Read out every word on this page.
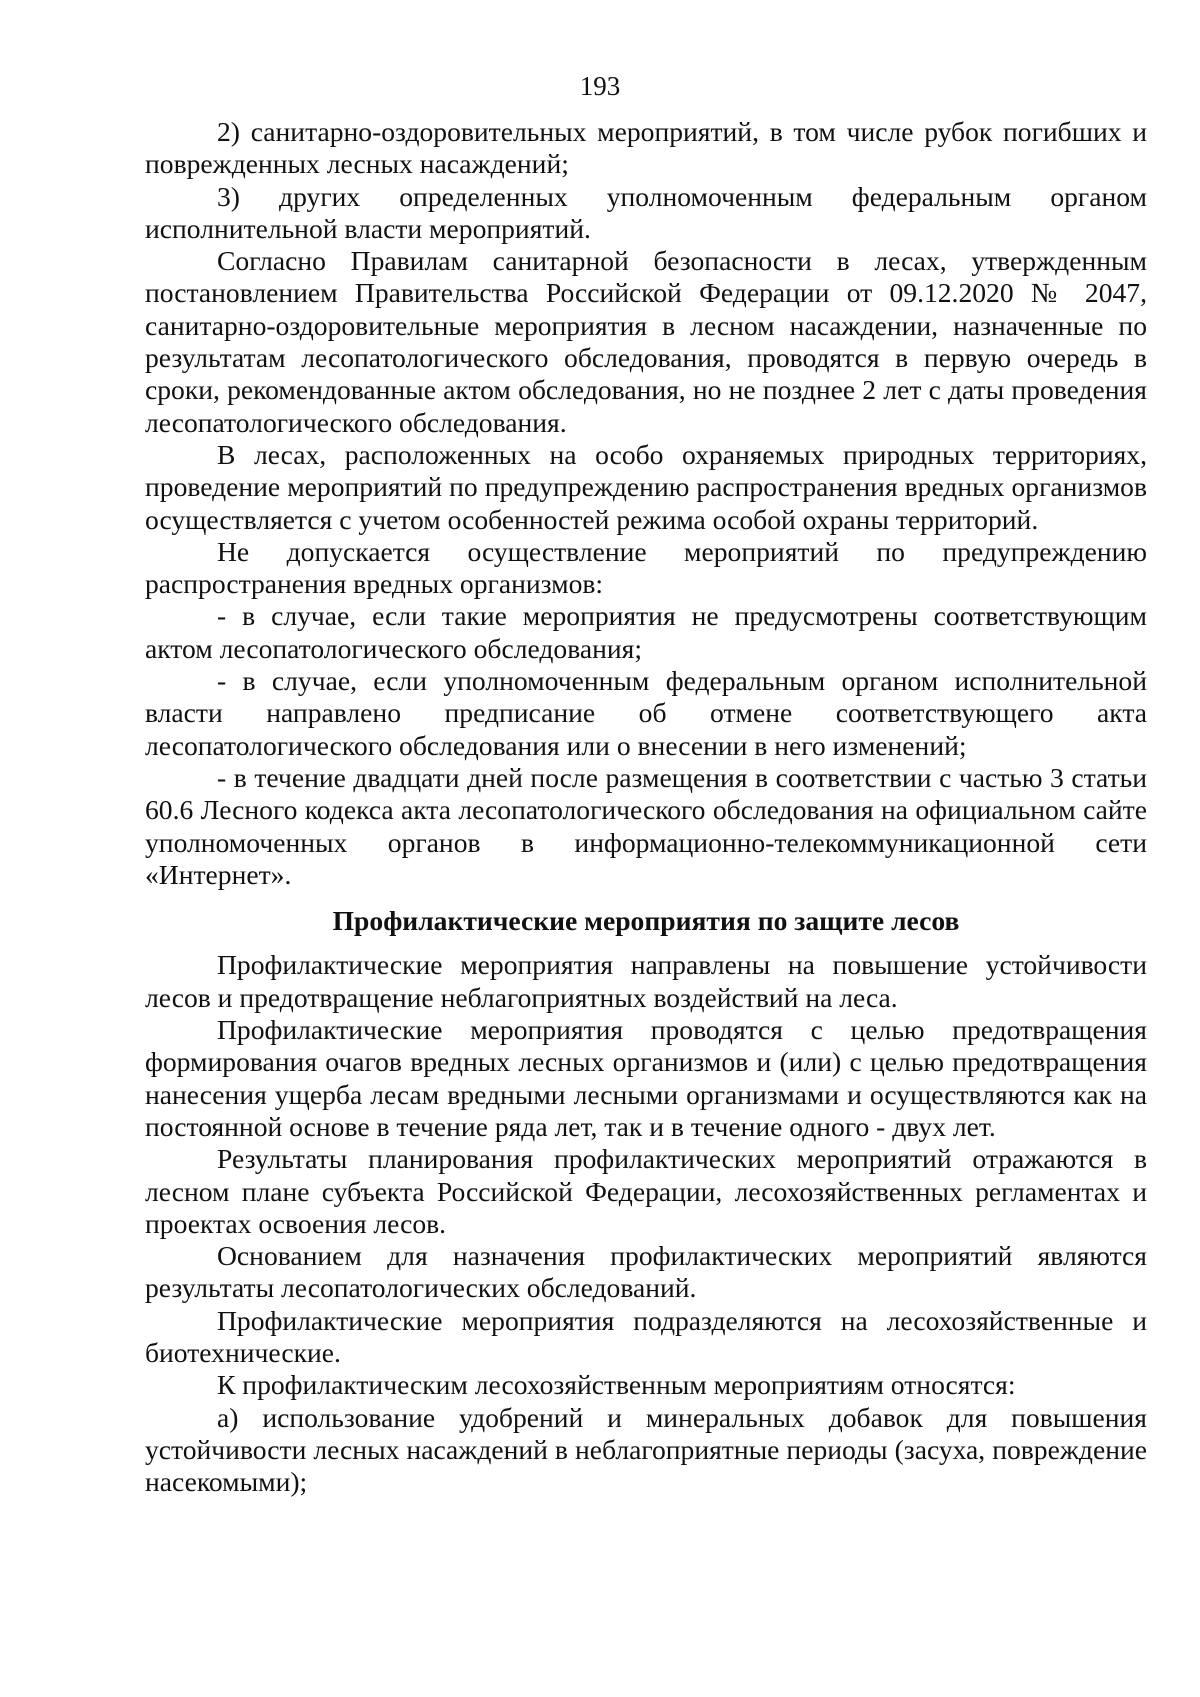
193

2) санитарно-оздоровительных мероприятий, в том числе рубок погибших и поврежденных лесных насаждений;

3) других определенных уполномоченным федеральным органом исполнительной власти мероприятий.

Согласно Правилам санитарной безопасности в лесах, утвержденным постановлением Правительства Российской Федерации от 09.12.2020 № 2047, санитарно-оздоровительные мероприятия в лесном насаждении, назначенные по результатам лесопатологического обследования, проводятся в первую очередь в сроки, рекомендованные актом обследования, но не позднее 2 лет с даты проведения лесопатологического обследования.

В лесах, расположенных на особо охраняемых природных территориях, проведение мероприятий по предупреждению распространения вредных организмов осуществляется с учетом особенностей режима особой охраны территорий.

Не допускается осуществление мероприятий по предупреждению распространения вредных организмов:

- в случае, если такие мероприятия не предусмотрены соответствующим актом лесопатологического обследования;

- в случае, если уполномоченным федеральным органом исполнительной власти направлено предписание об отмене соответствующего акта лесопатологического обследования или о внесении в него изменений;

- в течение двадцати дней после размещения в соответствии с частью 3 статьи 60.6 Лесного кодекса акта лесопатологического обследования на официальном сайте уполномоченных органов в информационно-телекоммуникационной сети «Интернет».

Профилактические мероприятия по защите лесов

Профилактические мероприятия направлены на повышение устойчивости лесов и предотвращение неблагоприятных воздействий на леса.

Профилактические мероприятия проводятся с целью предотвращения формирования очагов вредных лесных организмов и (или) с целью предотвращения нанесения ущерба лесам вредными лесными организмами и осуществляются как на постоянной основе в течение ряда лет, так и в течение одного - двух лет.

Результаты планирования профилактических мероприятий отражаются в лесном плане субъекта Российской Федерации, лесохозяйственных регламентах и проектах освоения лесов.

Основанием для назначения профилактических мероприятий являются результаты лесопатологических обследований.

Профилактические мероприятия подразделяются на лесохозяйственные и биотехнические.

К профилактическим лесохозяйственным мероприятиям относятся:

а) использование удобрений и минеральных добавок для повышения устойчивости лесных насаждений в неблагоприятные периоды (засуха, повреждение насекомыми);
